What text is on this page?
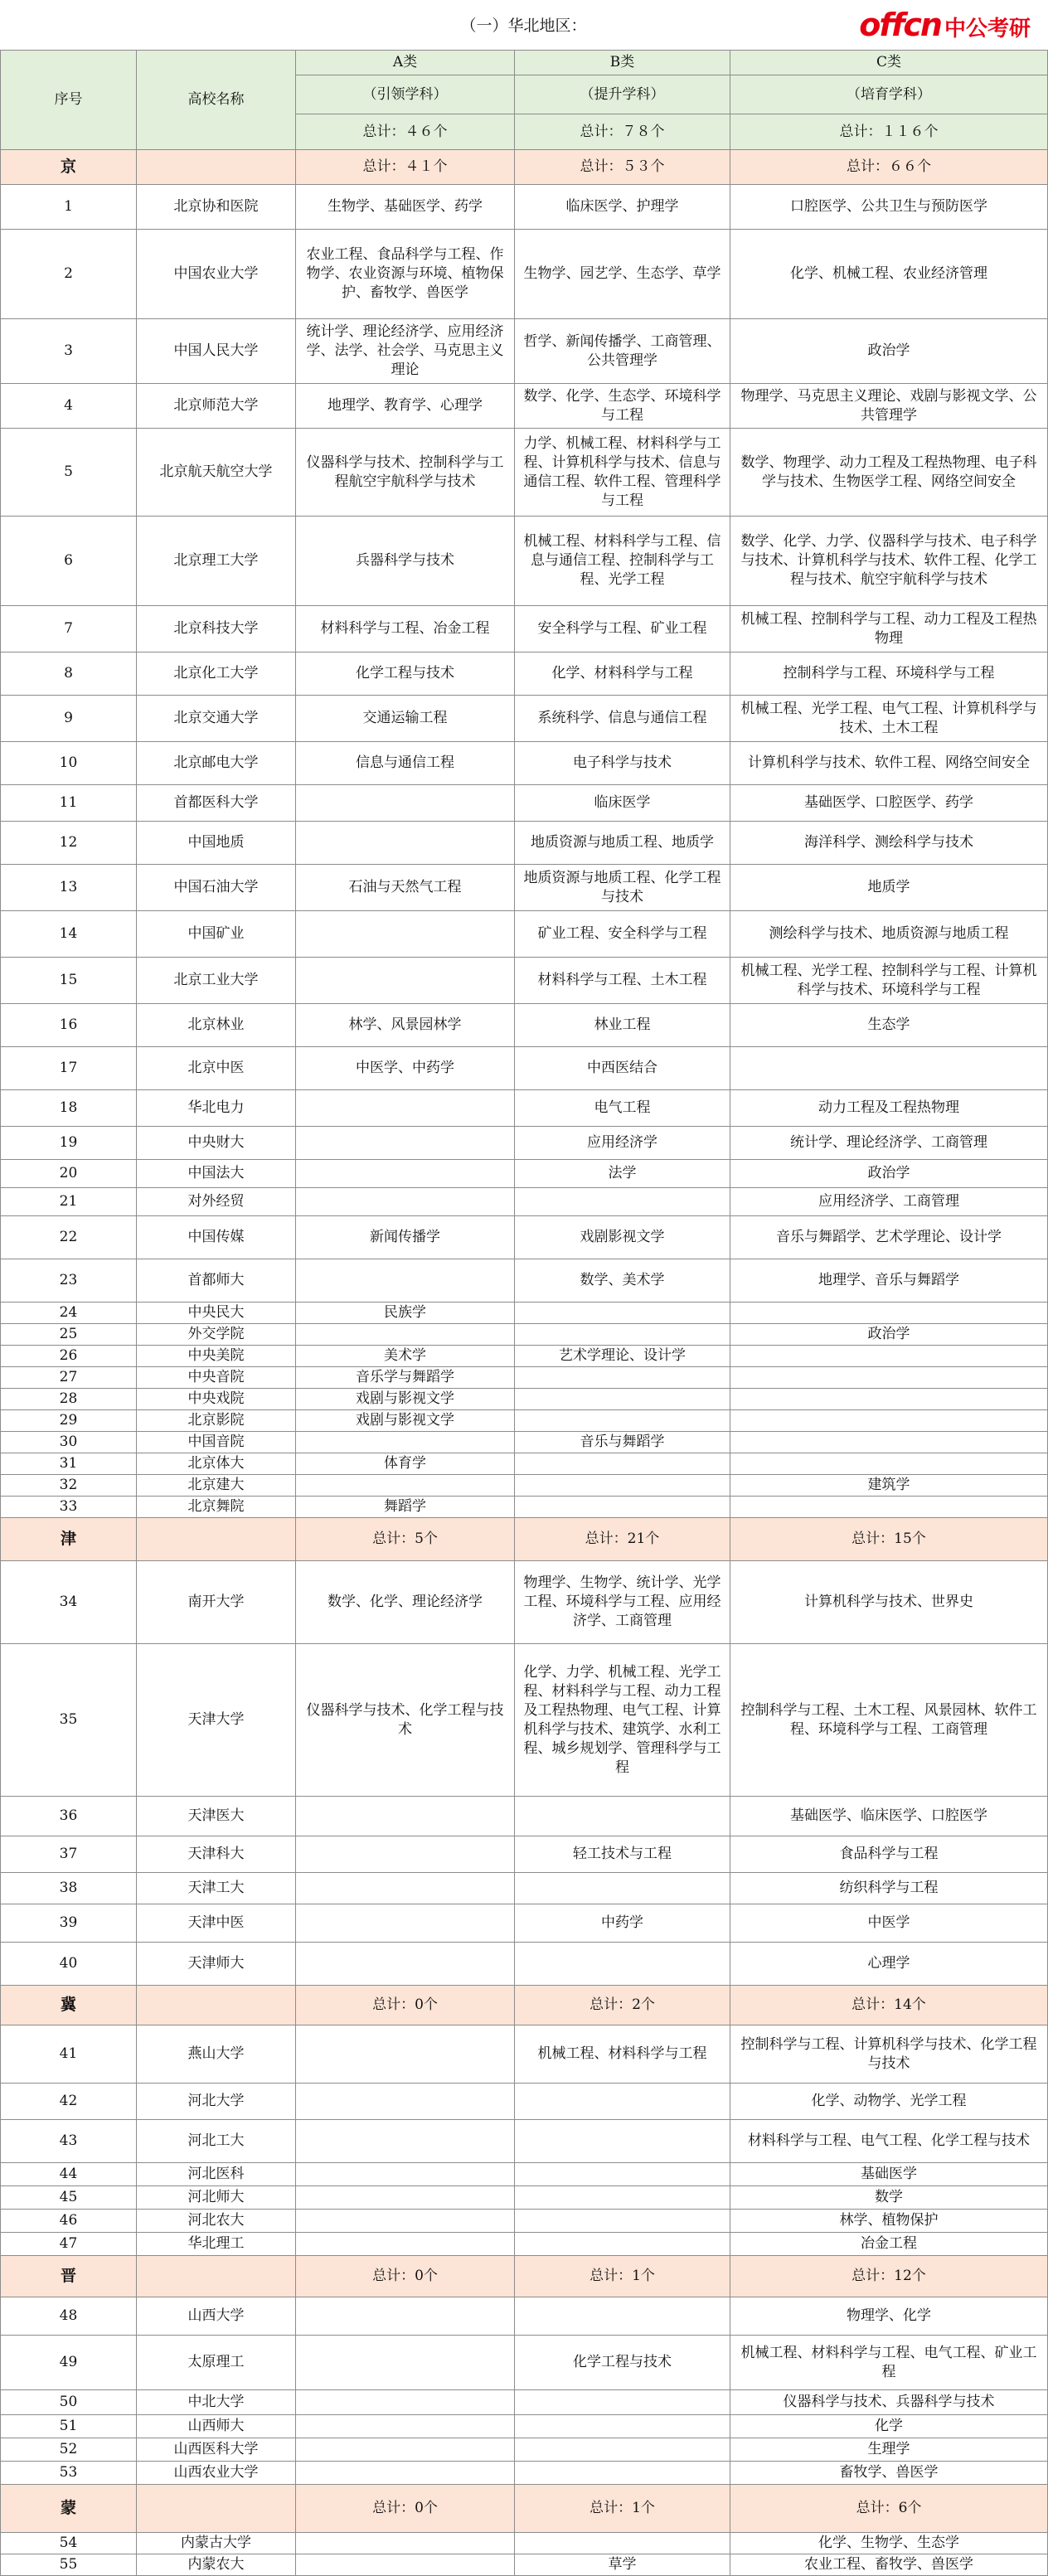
（一）华北地区：	offcn 中公考研
序号	高校名称	A类	B类	C类
		（引领学科）	（提升学科）	（培育学科）
		总计：４６个	总计：７８个	总计：１１６个
京		总计：４１个	总计：５３个	总计：６６个
1	北京协和医院	生物学、基础医学、药学	临床医学、护理学	口腔医学、公共卫生与预防医学
2	中国农业大学	农业工程、食品科学与工程、作物学、农业资源与环境、植物保护、畜牧学、兽医学	生物学、园艺学、生态学、草学	化学、机械工程、农业经济管理
3	中国人民大学	统计学、理论经济学、应用经济学、法学、社会学、马克思主义理论	哲学、新闻传播学、工商管理、公共管理学	政治学
4	北京师范大学	地理学、教育学、心理学	数学、化学、生态学、环境科学与工程	物理学、马克思主义理论、戏剧与影视文学、公共管理学
5	北京航天航空大学	仪器科学与技术、控制科学与工程航空宇航科学与技术	力学、机械工程、材料科学与工程、计算机科学与技术、信息与通信工程、软件工程、管理科学与工程	数学、物理学、动力工程及工程热物理、电子科学与技术、生物医学工程、网络空间安全
6	北京理工大学	兵器科学与技术	机械工程、材料科学与工程、信息与通信工程、控制科学与工程、光学工程	数学、化学、力学、仪器科学与技术、电子科学与技术、计算机科学与技术、软件工程、化学工程与技术、航空宇航科学与技术
7	北京科技大学	材料科学与工程、冶金工程	安全科学与工程、矿业工程	机械工程、控制科学与工程、动力工程及工程热物理
8	北京化工大学	化学工程与技术	化学、材料科学与工程	控制科学与工程、环境科学与工程
9	北京交通大学	交通运输工程	系统科学、信息与通信工程	机械工程、光学工程、电气工程、计算机科学与技术、土木工程
10	北京邮电大学	信息与通信工程	电子科学与技术	计算机科学与技术、软件工程、网络空间安全
11	首都医科大学		临床医学	基础医学、口腔医学、药学
12	中国地质		地质资源与地质工程、地质学	海洋科学、测绘科学与技术
13	中国石油大学	石油与天然气工程	地质资源与地质工程、化学工程与技术	地质学
14	中国矿业		矿业工程、安全科学与工程	测绘科学与技术、地质资源与地质工程
15	北京工业大学		材料科学与工程、土木工程	机械工程、光学工程、控制科学与工程、计算机科学与技术、环境科学与工程
16	北京林业	林学、风景园林学	林业工程	生态学
17	北京中医	中医学、中药学	中西医结合	
18	华北电力		电气工程	动力工程及工程热物理
19	中央财大		应用经济学	统计学、理论经济学、工商管理
20	中国法大		法学	政治学
21	对外经贸			应用经济学、工商管理
22	中国传媒	新闻传播学	戏剧影视文学	音乐与舞蹈学、艺术学理论、设计学
23	首都师大		数学、美术学	地理学、音乐与舞蹈学
24	中央民大	民族学		
25	外交学院			政治学
26	中央美院	美术学	艺术学理论、设计学	
27	中央音院	音乐学与舞蹈学		
28	中央戏院	戏剧与影视文学		
29	北京影院	戏剧与影视文学		
30	中国音院		音乐与舞蹈学	
31	北京体大	体育学		
32	北京建大			建筑学
33	北京舞院	舞蹈学		
津		总计：5个	总计：21个	总计：15个
34	南开大学	数学、化学、理论经济学	物理学、生物学、统计学、光学工程、环境科学与工程、应用经济学、工商管理	计算机科学与技术、世界史
35	天津大学	仪器科学与技术、化学工程与技术	化学、力学、机械工程、光学工程、材料科学与工程、动力工程及工程热物理、电气工程、计算机科学与技术、建筑学、水利工程、城乡规划学、管理科学与工程	控制科学与工程、土木工程、风景园林、软件工程、环境科学与工程、工商管理
36	天津医大			基础医学、临床医学、口腔医学
37	天津科大		轻工技术与工程	食品科学与工程
38	天津工大			纺织科学与工程
39	天津中医		中药学	中医学
40	天津师大			心理学
冀		总计：0个	总计：2个	总计：14个
41	燕山大学		机械工程、材料科学与工程	控制科学与工程、计算机科学与技术、化学工程与技术
42	河北大学			化学、动物学、光学工程
43	河北工大			材料科学与工程、电气工程、化学工程与技术
44	河北医科			基础医学
45	河北师大			数学
46	河北农大			林学、植物保护
47	华北理工			冶金工程
晋		总计：0个	总计：1个	总计：12个
48	山西大学			物理学、化学
49	太原理工		化学工程与技术	机械工程、材料科学与工程、电气工程、矿业工程
50	中北大学			仪器科学与技术、兵器科学与技术
51	山西师大			化学
52	山西医科大学			生理学
53	山西农业大学			畜牧学、兽医学
蒙		总计：0个	总计：1个	总计：6个
54	内蒙古大学			化学、生物学、生态学
55	内蒙农大		草学	农业工程、畜牧学、兽医学
